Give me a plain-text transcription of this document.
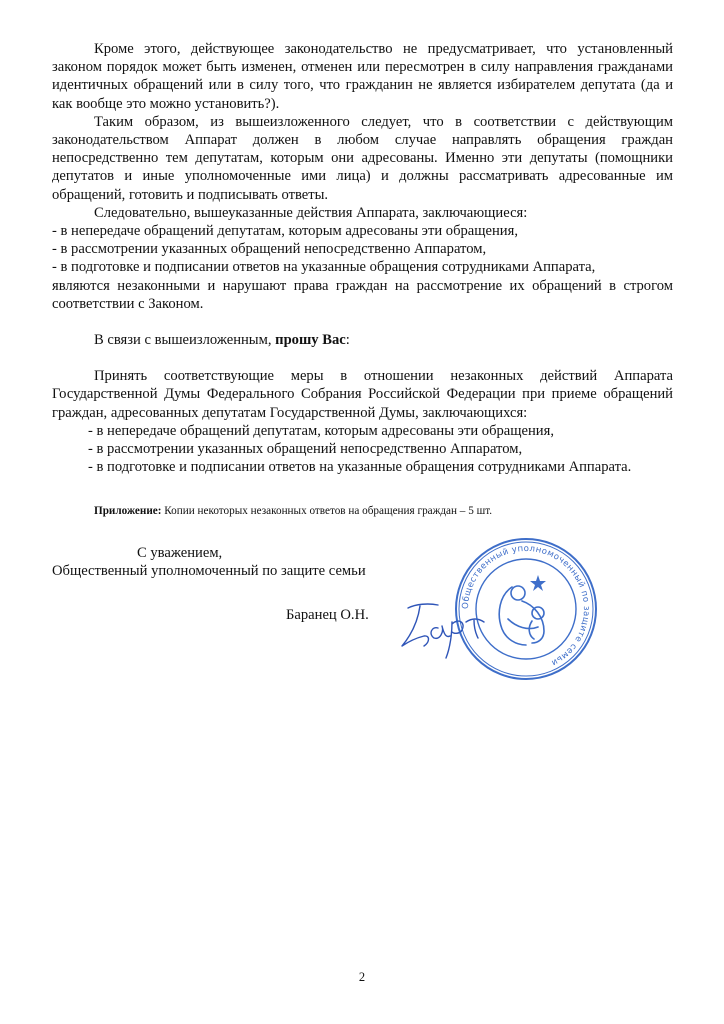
Кроме этого, действующее законодательство не предусматривает, что установленный законом порядок может быть изменен, отменен или пересмотрен в силу направления гражданами идентичных обращений или в силу того, что гражданин не является избирателем депутата (да и как вообще это можно установить?).

Таким образом, из вышеизложенного следует, что в соответствии с действующим законодательством Аппарат должен в любом случае направлять обращения граждан непосредственно тем депутатам, которым они адресованы. Именно эти депутаты (помощники депутатов и иные уполномоченные ими лица) и должны рассматривать адресованные им обращений, готовить и подписывать ответы.

Следовательно, вышеуказанные действия Аппарата, заключающиеся:

- в непередаче обращений депутатам, которым адресованы эти обращения,

- в рассмотрении указанных обращений непосредственно Аппаратом,

- в подготовке и подписании ответов на указанные обращения сотрудниками Аппарата,

являются незаконными и нарушают права граждан на рассмотрение их обращений в строгом соответствии с Законом.

В связи с вышеизложенным, прошу Вас:

Принять соответствующие меры в отношении незаконных действий Аппарата Государственной Думы Федерального Собрания Российской Федерации при приеме обращений граждан, адресованных депутатам Государственной Думы, заключающихся:

- в непередаче обращений депутатам, которым адресованы эти обращения,

- в рассмотрении указанных обращений непосредственно Аппаратом,

- в подготовке и подписании ответов на указанные обращения сотрудниками Аппарата.

Приложение: Копии некоторых незаконных ответов на обращения граждан – 5 шт.

С уважением,

Общественный уполномоченный по защите семьи

Баранец О.Н.

Общественный уполномоченный по защите семьи
2
